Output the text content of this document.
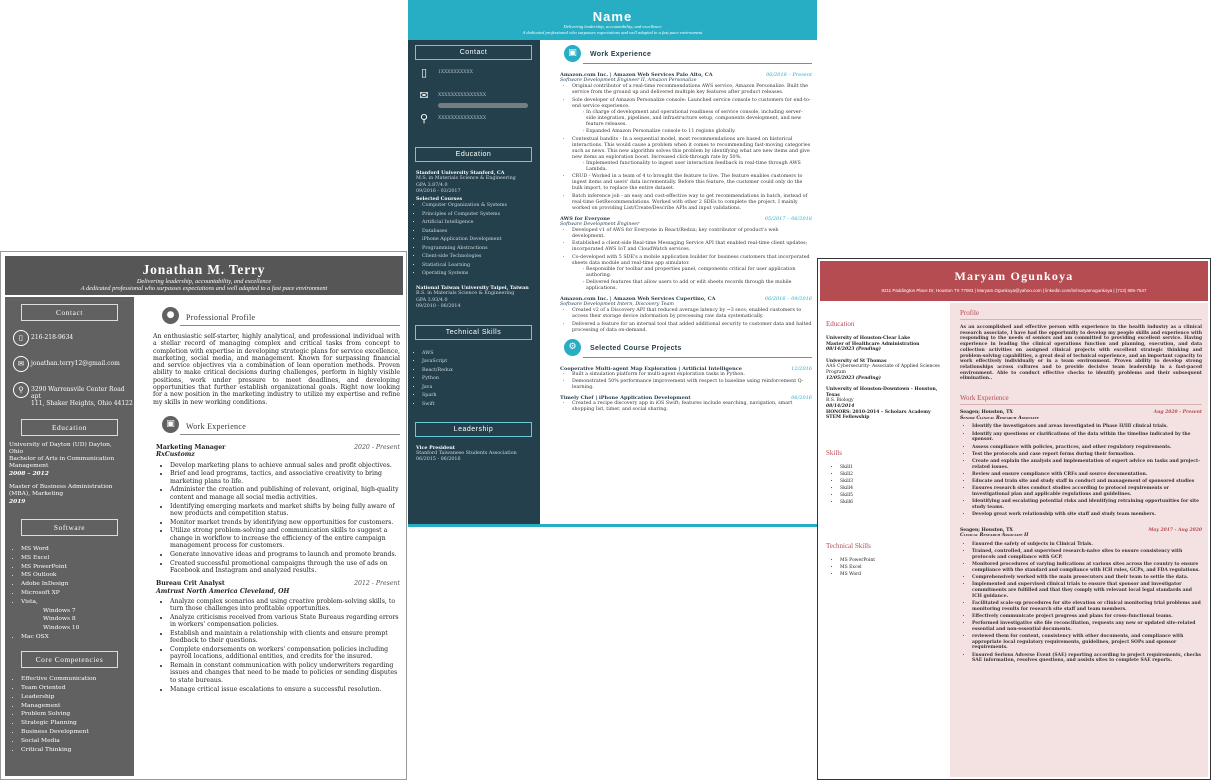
Name
Delivering leadership, accountability, and excellence
A dedicated professional who surpasses expectations and well adapted to a fast pace environment
Contact
▯	1XXXXXXXXXX
✉	XXXXXXXXXXXXXXX
⚲	XXXXXXXXXXXXXXX
Education
Stanford University Stanford, CA
M.S. in Materials Science & Engineering
GPA 3.87/4.0
09/2016 - 03/2017
Selected Courses
▪ Computer Organization & Systems
▪ Principles of Computer Systems
▪ Artificial Intelligence
▪ Databases
▪ iPhone Application Development
▪ Programming Abstractions
▪ Client-side Technologies
▪ Statistical Learning
▪ Operating Systems
National Taiwan University Taipei, Taiwan
B.S. in Materials Science & Engineering
GPA 3.93/4.0
09/2010 - 06/2014
Technical Skills
▪ AWS
▪ JavaScript
▪ React/Redux
▪ Python
▪ Java
▪ Spark
▪ Swift
Leadership
Vice President
Stanford Taiwanese Students Association
06/2015 - 06/2016
▣	Work Experience
Amazon.com Inc. | Amazon Web Services Palo Alto, CA	06/2018 – Present
Software Development Engineer II, Amazon Personalize
• Original contributor of a real-time recommendations AWS service, Amazon Personalize. Built the service from the ground up and delivered multiple key features after product releases.
• Sole developer of Amazon Personalize console: Launched service console to customers for end-to-end service experience.
› In charge of development and operational readiness of service console, including server-side integration, pipelines, and infrastructure setup, components development, and new feature releases.
› Expanded Amazon Personalize console to 11 regions globally.
• Contextual bandits - In a sequential model, most recommendations are based on historical interactions. This would cause a problem when it comes to recommending fast-moving categories such as news. This new algorithm solves this problem by identifying what are new items and give new items an exploration boost. Increased click-through rate by 50%.
› Implemented functionality to ingest user interaction feedback in real-time through AWS Lambda.
• CRUD - Worked in a team of 4 to brought the feature to live. The feature enables customers to ingest items and users' data incrementally. Before this feature, the customer could only do the bulk import, to replace the entire dataset.
• Batch inference job - an easy and cost-effective way to get recommendations in batch, instead of real-time GetRecommendations. Worked with other 2 SDEs to complete the project. I mainly worked on providing List/Create/Describe APIs and input validations.
AWS for Everyone	05/2017 – 06/2018
Software Development Engineer
• Developed v1 of AWS for Everyone in React/Redux; key contributor of product's web development.
• Established a client-side Real-time Messaging Service API that enabled real-time client updates; incorporated AWS IoT and CloudWatch services.
• Co-developed with 5 SDE's a mobile application builder for business customers that incorporated sheets data module and real-time app simulator.
› Responsible for toolbar and properties panel, components critical for user application authoring.
› Delivered features that allow users to add or edit sheets records through the mobile applications.
Amazon.com Inc. | Amazon Web Services Cupertino, CA	06/2016 – 09/2016
Software Development Intern, Discovery Team
• Created v2 of a Discovery API that reduced average latency by ~3 secs; enabled customers to access their storage device information by processing raw data systematically.
• Delivered a feature for an internal tool that added additional security to customer data and halted processing of data on-demand.
⚙	Selected Course Projects
Cooperative Multi-agent Map Exploration | Artificial Intelligence	12/2016
• Built a simulation platform for multi-agent exploration tasks in Python.
• Demonstrated 50% performance improvement with respect to baseline using reinforcement Q-learning.
Timely Chef | iPhone Application Development	06/2016
• Created a recipe discovery app in iOS Swift; features include searching, navigation, smart shopping list, timer, and social sharing.
Jonathan M. Terry
Delivering leadership, accountability, and excellence
A dedicated professional who surpasses expectations and well adapted to a fast pace environment
Contact
▯	216-218-9634
✉	jonathan.terry12@gmail.com
⚲	3290 Warrensvile Center Road apt
111, Shaker Heights, Ohio 44122
Education
University of Dayton (UD) Dayton,
Ohio
Bachelor of Arts in Communication
Management
2008 – 2012
Master of Business Administration
(MBA), Marketing
2019
Software
• MS Word
• MS Excel
• MS PowerPoint
• MS Outlook
• Adobe InDesign
• Microsoft XP
• Vista,
Windows 7
Windows 8
Windows 10
• Mac OSX
Core Competencies
• Effective Communication
• Team Oriented
• Leadership
• Management
• Problem Solving
• Strategic Planning
• Business Development
• Social Media
• Critical Thinking
●	Professional Profile
An enthusiastic self-starter, highly analytical, and professional individual with a stellar record of managing complex and critical tasks from concept to completion with expertise in developing strategic plans for service excellence, marketing, social media, and management. Known for surpassing financial and service objectives via a combination of lean operation methods. Proven ability to make critical decisions during challenges, perform in highly visible positions, work under pressure to meet deadlines, and developing opportunities that further establish organizational goals. Right now looking for a new position in the marketing industry to utilize my expertise and refine my skills in new working conditions.
▣	Work Experience
Marketing Manager	2020 - Present
RxCustomz
• Develop marketing plans to achieve annual sales and profit objectives.
• Brief and lead programs, tactics, and associative creativity to bring marketing plans to life.
• Administer the creation and publishing of relevant, original, high-quality content and manage all social media activities.
• Identifying emerging markets and market shifts by being fully aware of new products and competition status.
• Monitor market trends by identifying new opportunities for customers.
• Utilize strong problem-solving and communication skills to suggest a change in workflow to increase the efficiency of the entire campaign management process for customers.
• Generate innovative ideas and programs to launch and promote brands.
• Created successful promotional campaigns through the use of ads on Facebook and Instagram and analyzed results.
Bureau Crit Analyst	2012 - Present
Amtrust North America Cleveland, OH
• Analyze complex scenarios and using creative problem-solving skills, to turn those challenges into profitable opportunities.
• Analyze criticisms received from various State Bureaus regarding errors in workers' compensation policies.
• Establish and maintain a relationship with clients and ensure prompt feedback to their questions.
• Complete endorsements on workers' compensation policies including payroll locations, additional entities, and credits for the insured.
• Remain in constant communication with policy underwriters regarding issues and changes that need to be made to policies or sending disputes to state bureaus.
• Manage critical issue escalations to ensure a successful resolution.
Maryam Ogunkoya
8211 Paddington Place Dr, Houston TX 77083 | Maryam.Ogunkoya@yahoo.com | linkedin.com/in/maryamogunkoya | (713) 885-7547
Education
University of Houston-Clear Lake
Master of Healthcare Administration
08/14/2023 (Pending)
University of St Thomas
AAS Cybersecurity- Associate of Applied Sciences Program
12/05/2023 (Pending)
University of Houston-Downtown - Houston, Texas
B.S. Biology
08/14/2014
HONORS: 2010-2014 – Scholars Academy
STEM Fellowship
Skills
• Skill1
• Skill2
• Skill3
• Skill4
• Skill5
• Skill6
Technical Skills
• MS PowerPoint
• MS Excel
• MS Word
Profile
As an accomplished and effective person with experience in the health industry as a clinical research associate, I have had the opportunity to develop my people skills and experience with responding to the needs of seniors and am committed to providing excellent service. Having experience in leading the clinical operations function and planning, execution, and data collection activities on assigned clinical projects with excellent strategic thinking and problem-solving capabilities, a great deal of technical experience, and an important capacity to work effectively individually or in a team environment. Proven ability to develop strong relationships across cultures and to provide decisive team leadership in a fast-paced environment. Able to conduct effective checks to identify problems and their subsequent elimination..
Work Experience
Seagen; Houston, TX	Aug 2020 - Present
Senior Clinical Research Associate
• Identify the investigators and areas investigated in Phase II/III clinical trials.
• Identify any questions or clarifications of the data within the timeline indicated by the sponsor.
• Assess compliance with policies, practices, and other regulatory requirements.
• Test the protocols and case report forms during their formation.
• Create and explain the analysis and implementation of expert advice on tasks and project-related issues.
• Review and ensure compliance with CRFs and source documentation.
• Educate and train site and study staff in conduct and management of sponsored studies
• Ensures research sites conduct studies according to protocol requirements or investigational plan and applicable regulations and guidelines.
• Identifying and escalating potential risks and identifying retraining opportunities for site study teams.
• Develop great work relationship with site staff and study team members.
Seagen; Houston, TX	May 2017 - Aug 2020
Clinical Research Associate II
• Ensured the safety of subjects in Clinical Trials.
• Trained, controlled, and supervised research-naive sites to ensure consistency with protocols and compliance with GCP.
• Monitored procedures of varying indications at various sites across the country to ensure compliance with the standard and compliance with ICH rules, GCPs, and FDA regulations.
• Comprehensively worked with the main prosecutors and their team to settle the data.
• Implemented and supervised clinical trials to ensure that sponsor and investigator commitments are fulfilled and that they comply with relevant local legal standards and ICH guidance.
• Facilitated scale-up procedures for site elevation or clinical monitoring trial problems and monitoring results for research site staff and team members.
• Effectively communicate project progress and plans for cross-functional teams.
• Performed investigative site file reconciliation, requests any new or updated site-related essential and non-essential documents.
• reviewed them for content, consistency with other documents, and compliance with appropriate local regulatory requirements, guidelines, project SOPs and sponsor requirements.
• Ensured Serious Adverse Event (SAE) reporting according to project requirements, checks SAE information, resolves questions, and assists sites to complete SAE reports.
